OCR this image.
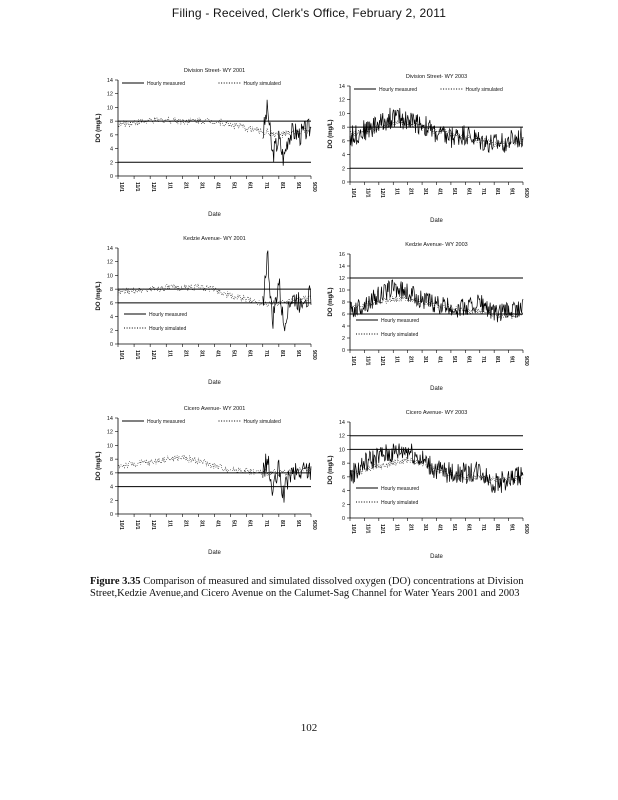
Filing - Received, Clerk's Office, February 2, 2011
Division Street- WY 2001
0
2
4
6
8
10
12
14
DO (mg/L)
10/1 11/1 12/1 1/1 2/1 3/1 4/1 5/1 6/1 7/1 8/1 9/1 9/30
Date
Hourly measured	Hourly simulated
Division Street- WY 2003
0
2
4
6
8
10
12
14
DO (mg/L)
10/1 11/1 12/1 1/1 2/1 3/1 4/1 5/1 6/1 7/1 8/1 9/1 9/30
Date
Hourly measured	Hourly simulated
Kedzie Avenue- WY 2001
0
2
4
6
8
10
12
14
DO (mg/L)
10/1 11/1 12/1 1/1 2/1 3/1 4/1 5/1 6/1 7/1 8/1 9/1 9/30
Date
Hourly measured
Hourly simulated
Kedzie Avenue- WY 2003
0
2
4
6
8
10
12
14
16
DO (mg/L)
10/1 11/1 12/1 1/1 2/1 3/1 4/1 5/1 6/1 7/1 8/1 9/1 9/30
Date
Hourly measured
Hourly simulated
Cicero Avenue- WY 2001
0
2
4
6
8
10
12
14
DO (mg/L)
10/1 11/1 12/1 1/1 2/1 3/1 4/1 5/1 6/1 7/1 8/1 9/1 9/30
Date
Hourly measured	Hourly simulated
Cicero Avenue- WY 2003
0
2
4
6
8
10
12
14
DO (mg/L)
10/1 11/1 12/1 1/1 2/1 3/1 4/1 5/1 6/1 7/1 8/1 9/1 9/30
Date
Hourly measured
Hourly simulated
Figure 3.35 Comparison of measured and simulated dissolved oxygen (DO) concentrations at Division Street,Kedzie Avenue,and Cicero Avenue on the Calumet-Sag Channel for Water Years 2001 and 2003
102
